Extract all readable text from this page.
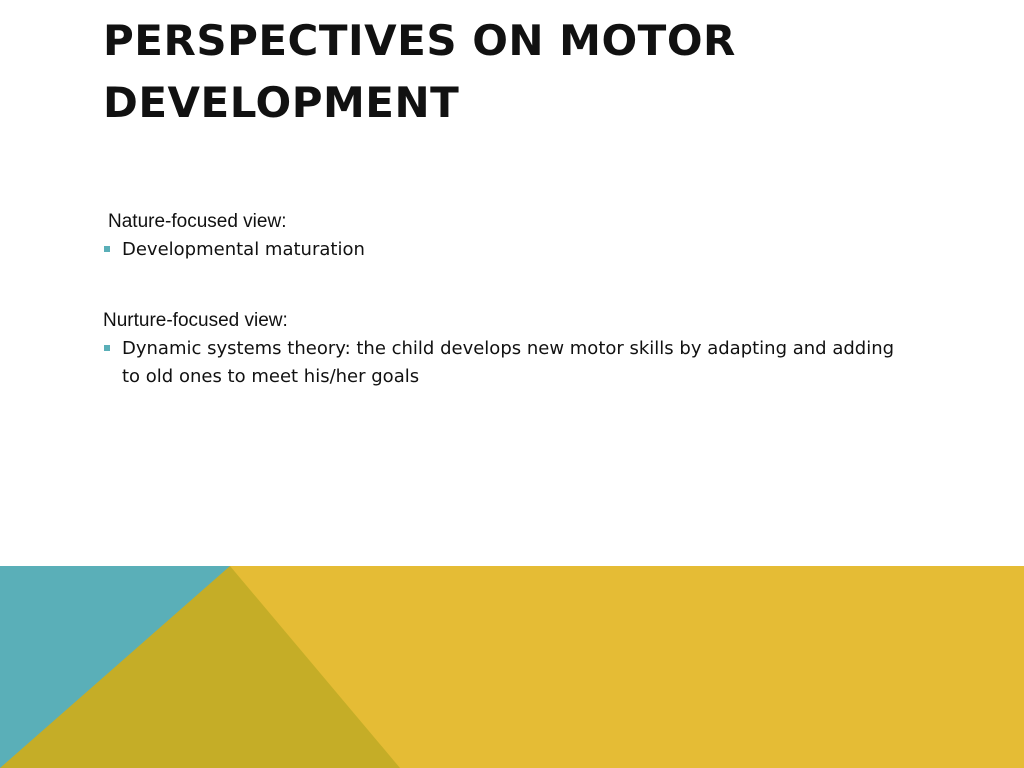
PERSPECTIVES ON MOTOR DEVELOPMENT

Nature-focused view:

Developmental maturation

Nurture-focused view:

Dynamic systems theory: the child develops new motor skills by adapting and adding to old ones to meet his/her goals
